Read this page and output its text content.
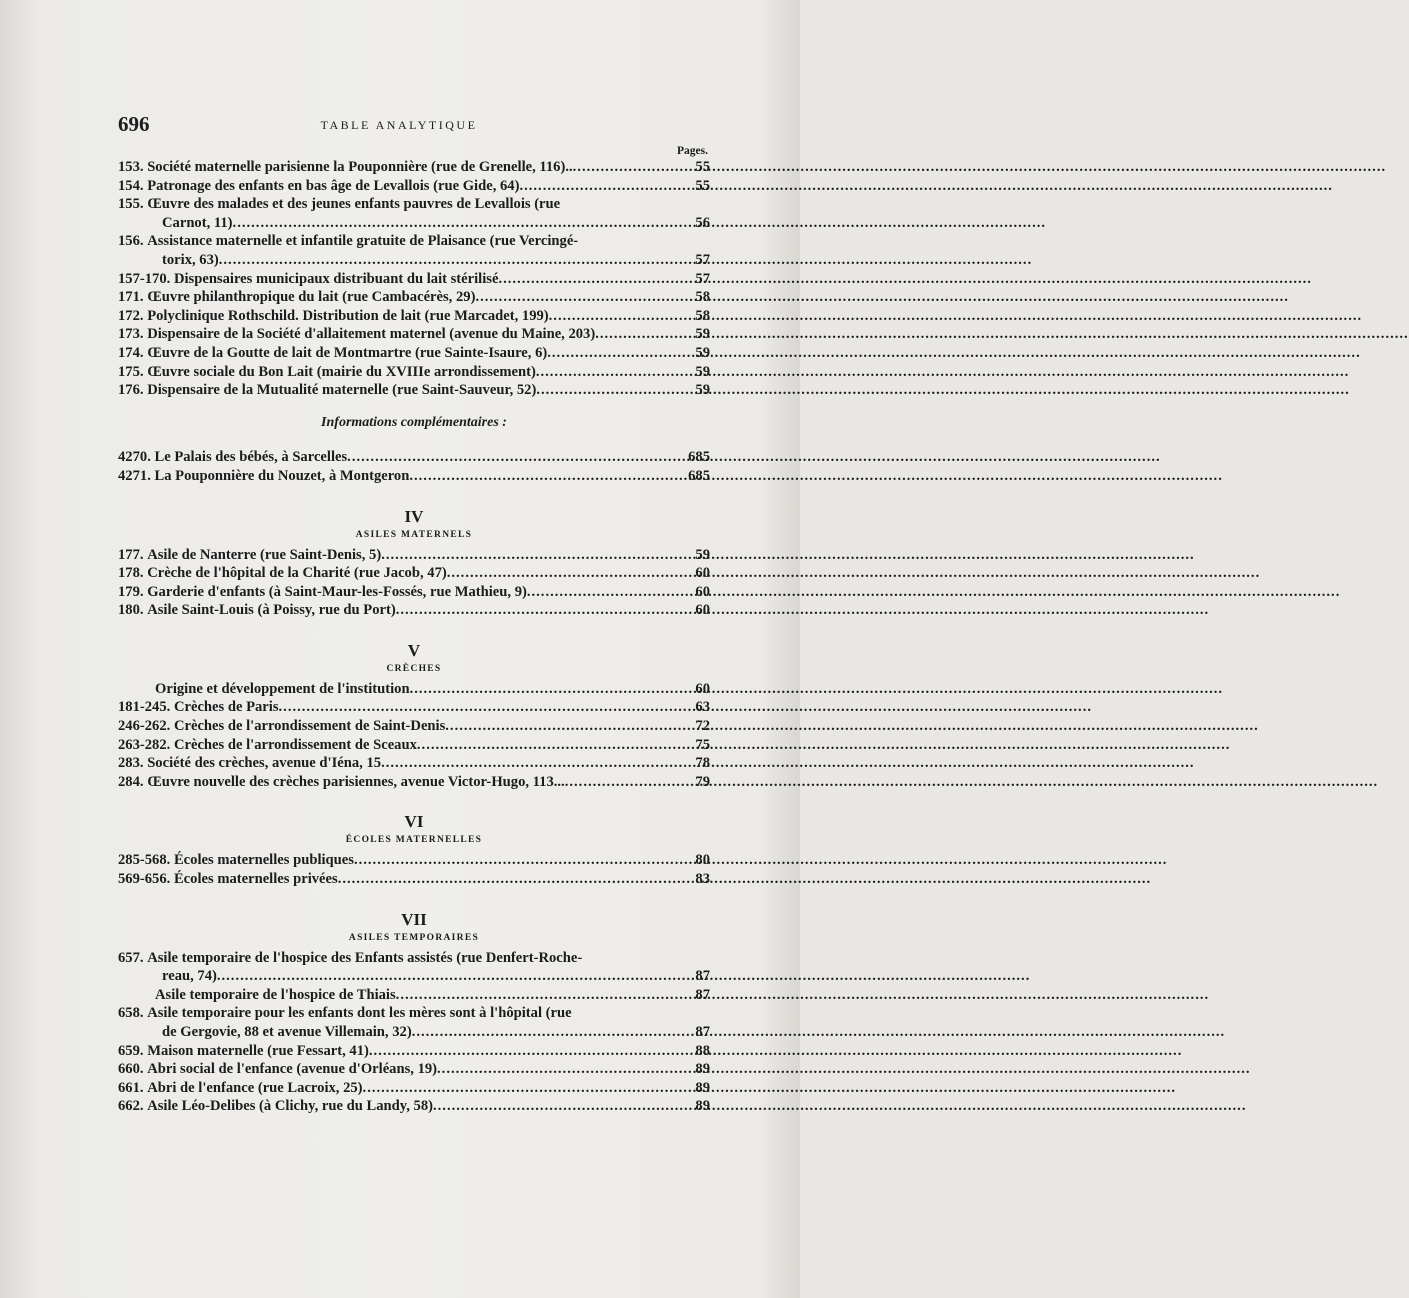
696	TABLE ANALYTIQUE
Pages.
153. Société maternelle parisienne la Pouponnière (rue de Grenelle, 116).. .....	55
154. Patronage des enfants en bas âge de Levallois (rue Gide, 64) .....	55
155. Œuvre des malades et des jeunes enfants pauvres de Levallois (rue
Carnot, 11) .....	56
156. Assistance maternelle et infantile gratuite de Plaisance (rue Vercingé-
torix, 63) .....	57
157-170. Dispensaires municipaux distribuant du lait stérilisé .....	57
171. Œuvre philanthropique du lait (rue Cambacérès, 29) .....	58
172. Polyclinique Rothschild. Distribution de lait (rue Marcadet, 199) .....	58
173. Dispensaire de la Société d'allaitement maternel (avenue du Maine, 203) .....	59
174. Œuvre de la Goutte de lait de Montmartre (rue Sainte-Isaure, 6) .....	59
175. Œuvre sociale du Bon Lait (mairie du XVIIIe arrondissement) .....	59
176. Dispensaire de la Mutualité maternelle (rue Saint-Sauveur, 52) .....	59
Informations complémentaires :
4270. Le Palais des bébés, à Sarcelles .....	685
4271. La Pouponnière du Nouzet, à Montgeron .....	685
IV
ASILES MATERNELS
177. Asile de Nanterre (rue Saint-Denis, 5) .....	59
178. Crèche de l'hôpital de la Charité (rue Jacob, 47) .....	60
179. Garderie d'enfants (à Saint-Maur-les-Fossés, rue Mathieu, 9) .....	60
180. Asile Saint-Louis (à Poissy, rue du Port) .....	60
V
CRÈCHES
Origine et développement de l'institution .....	60
181-245. Crèches de Paris .....	63
246-262. Crèches de l'arrondissement de Saint-Denis .....	72
263-282. Crèches de l'arrondissement de Sceaux .....	75
283. Société des crèches, avenue d'Iéna, 15 .....	78
284. Œuvre nouvelle des crèches parisiennes, avenue Victor-Hugo, 113... .....	79
VI
ÉCOLES MATERNELLES
285-568. Écoles maternelles publiques .....	80
569-656. Écoles maternelles privées .....	83
VII
ASILES TEMPORAIRES
657. Asile temporaire de l'hospice des Enfants assistés (rue Denfert-Roche-
reau, 74) .....	87
Asile temporaire de l'hospice de Thiais .....	87
658. Asile temporaire pour les enfants dont les mères sont à l'hôpital (rue
de Gergovie, 88 et avenue Villemain, 32) .....	87
659. Maison maternelle (rue Fessart, 41) .....	88
660. Abri social de l'enfance (avenue d'Orléans, 19) .....	89
661. Abri de l'enfance (rue Lacroix, 25) .....	89
662. Asile Léo-Delibes (à Clichy, rue du Landy, 58) .....	89
